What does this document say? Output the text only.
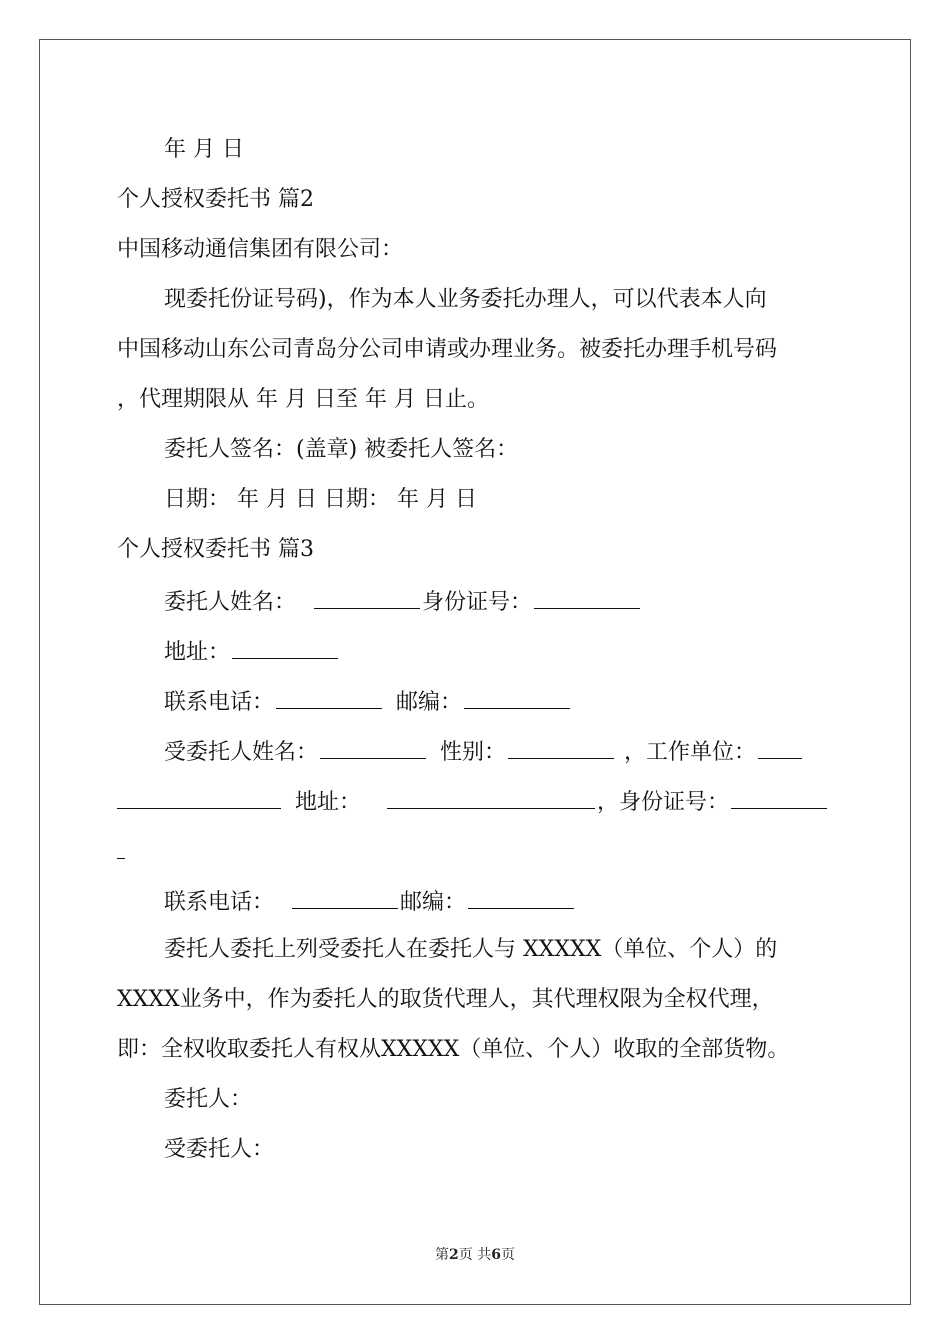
年 月 日
个人授权委托书 篇2
中国移动通信集团有限公司：
现委托份证号码)，作为本人业务委托办理人，可以代表本人向
中国移动山东公司青岛分公司申请或办理业务。被委托办理手机号码
，代理期限从 年 月 日至 年 月 日止。
委托人签名：(盖章) 被委托人签名：
日期： 年 月 日 日期： 年 月 日
个人授权委托书 篇3
委托人姓名：	身份证号：
地址：
联系电话：	邮编：
受委托人姓名：	性别：	，工作单位：
地址：	，身份证号：
联系电话：	邮编：
委托人委托上列受委托人在委托人与 XXXXX（单位、个人）的
XXXX业务中，作为委托人的取货代理人，其代理权限为全权代理，
即：全权收取委托人有权从XXXXX（单位、个人）收取的全部货物。
委托人：
受委托人：
第2页 共6页
